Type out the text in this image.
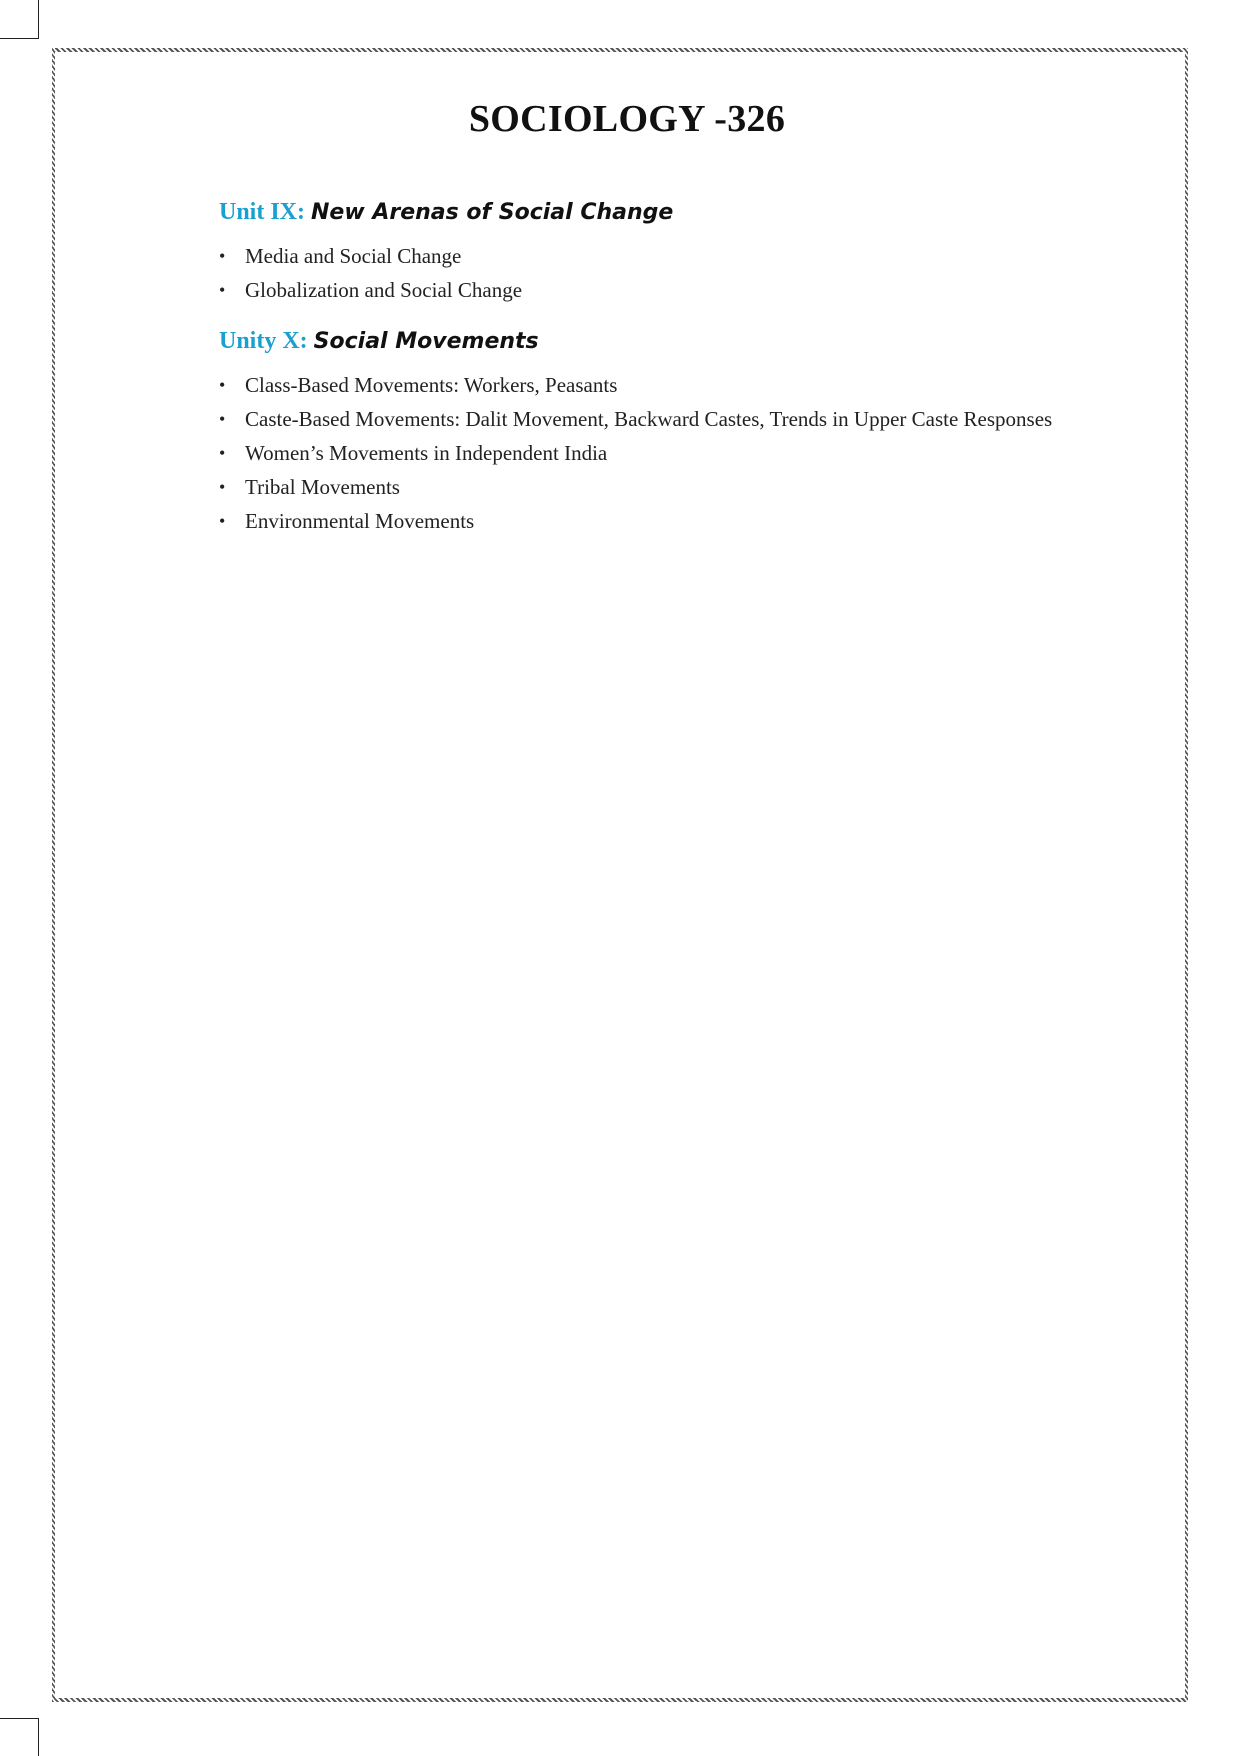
SOCIOLOGY -326
Unit IX: New Arenas of Social Change
• Media and Social Change
• Globalization and Social Change
Unity X: Social Movements
• Class-Based Movements: Workers, Peasants
• Caste-Based Movements: Dalit Movement, Backward Castes, Trends in Upper Caste Responses
• Women’s Movements in Independent India
• Tribal Movements
• Environmental Movements
